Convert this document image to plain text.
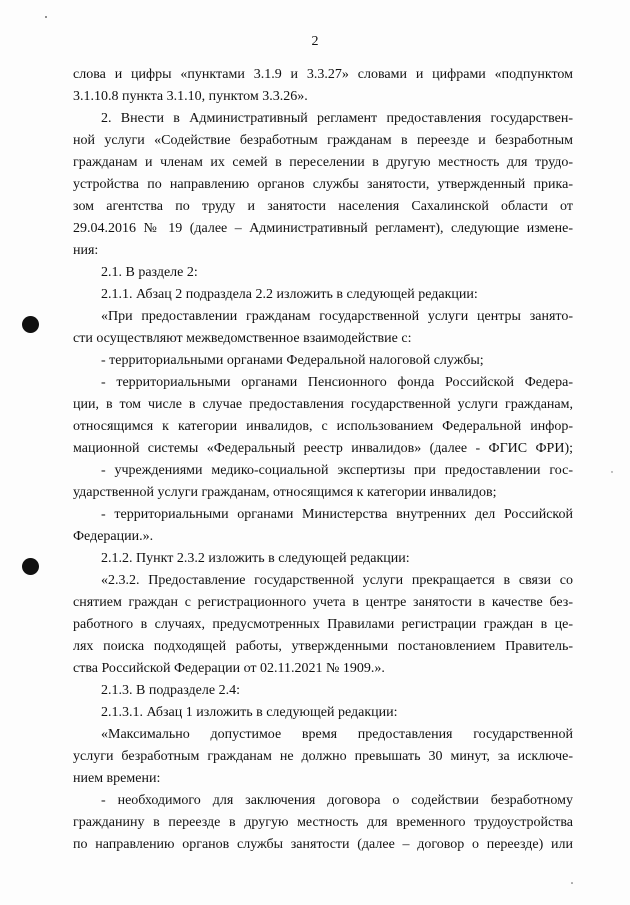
2
слова и цифры «пунктами 3.1.9 и 3.3.27» словами и цифрами «подпунктом
3.1.10.8 пункта 3.1.10, пунктом 3.3.26».
2. Внести в Административный регламент предоставления государствен-
ной услуги «Содействие безработным гражданам в переезде и безработным
гражданам и членам их семей в переселении в другую местность для трудо-
устройства по направлению органов службы занятости, утвержденный прика-
зом агентства по труду и занятости населения Сахалинской области от
29.04.2016 № 19 (далее – Административный регламент), следующие измене-
ния:
2.1. В разделе 2:
2.1.1. Абзац 2 подраздела 2.2 изложить в следующей редакции:
«При предоставлении гражданам государственной услуги центры занято-
сти осуществляют межведомственное взаимодействие с:
- территориальными органами Федеральной налоговой службы;
- территориальными органами Пенсионного фонда Российской Федера-
ции, в том числе в случае предоставления государственной услуги гражданам,
относящимся к категории инвалидов, с использованием Федеральной инфор-
мационной системы «Федеральный реестр инвалидов» (далее - ФГИС ФРИ);
- учреждениями медико-социальной экспертизы при предоставлении гос-
ударственной услуги гражданам, относящимся к категории инвалидов;
- территориальными органами Министерства внутренних дел Российской
Федерации.».
2.1.2. Пункт 2.3.2 изложить в следующей редакции:
«2.3.2. Предоставление государственной услуги прекращается в связи со
снятием граждан с регистрационного учета в центре занятости в качестве без-
работного в случаях, предусмотренных Правилами регистрации граждан в це-
лях поиска подходящей работы, утвержденными постановлением Правитель-
ства Российской Федерации от 02.11.2021 № 1909.».
2.1.3. В подразделе 2.4:
2.1.3.1. Абзац 1 изложить в следующей редакции:
«Максимально допустимое время предоставления государственной
услуги безработным гражданам не должно превышать 30 минут, за исключе-
нием времени:
- необходимого для заключения договора о содействии безработному
гражданину в переезде в другую местность для временного трудоустройства
по направлению органов службы занятости (далее – договор о переезде) или
